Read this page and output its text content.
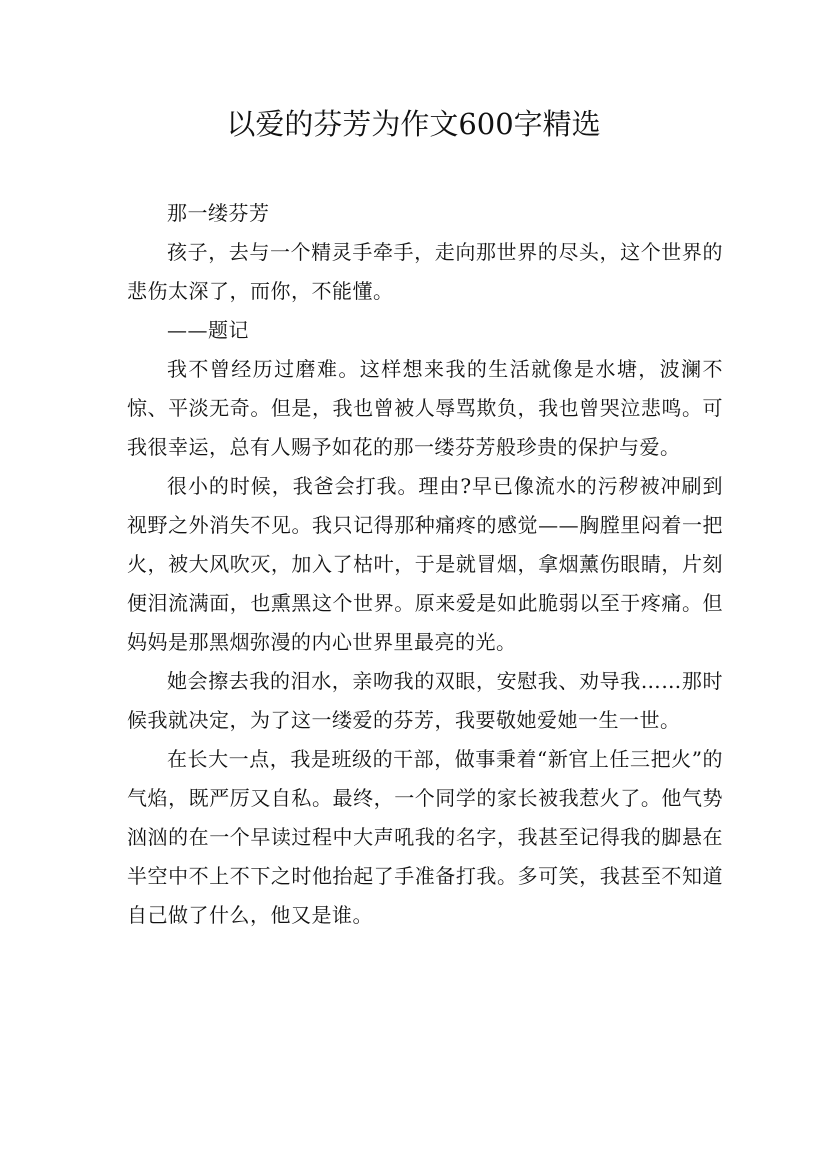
以爱的芬芳为作文600字精选

那一缕芬芳

孩子，去与一个精灵手牵手，走向那世界的尽头，这个世界的悲伤太深了，而你，不能懂。

——题记

我不曾经历过磨难。这样想来我的生活就像是水塘，波澜不惊、平淡无奇。但是，我也曾被人辱骂欺负，我也曾哭泣悲鸣。可我很幸运，总有人赐予如花的那一缕芬芳般珍贵的保护与爱。

很小的时候，我爸会打我。理由?早已像流水的污秽被冲刷到视野之外消失不见。我只记得那种痛疼的感觉——胸膛里闷着一把火，被大风吹灭，加入了枯叶，于是就冒烟，拿烟薰伤眼睛，片刻便泪流满面，也熏黑这个世界。原来爱是如此脆弱以至于疼痛。但妈妈是那黑烟弥漫的内心世界里最亮的光。

她会擦去我的泪水，亲吻我的双眼，安慰我、劝导我……那时候我就决定，为了这一缕爱的芬芳，我要敬她爱她一生一世。

在长大一点，我是班级的干部，做事秉着“新官上任三把火”的气焰，既严厉又自私。最终，一个同学的家长被我惹火了。他气势汹汹的在一个早读过程中大声吼我的名字，我甚至记得我的脚悬在半空中不上不下之时他抬起了手准备打我。多可笑，我甚至不知道自己做了什么，他又是谁。
